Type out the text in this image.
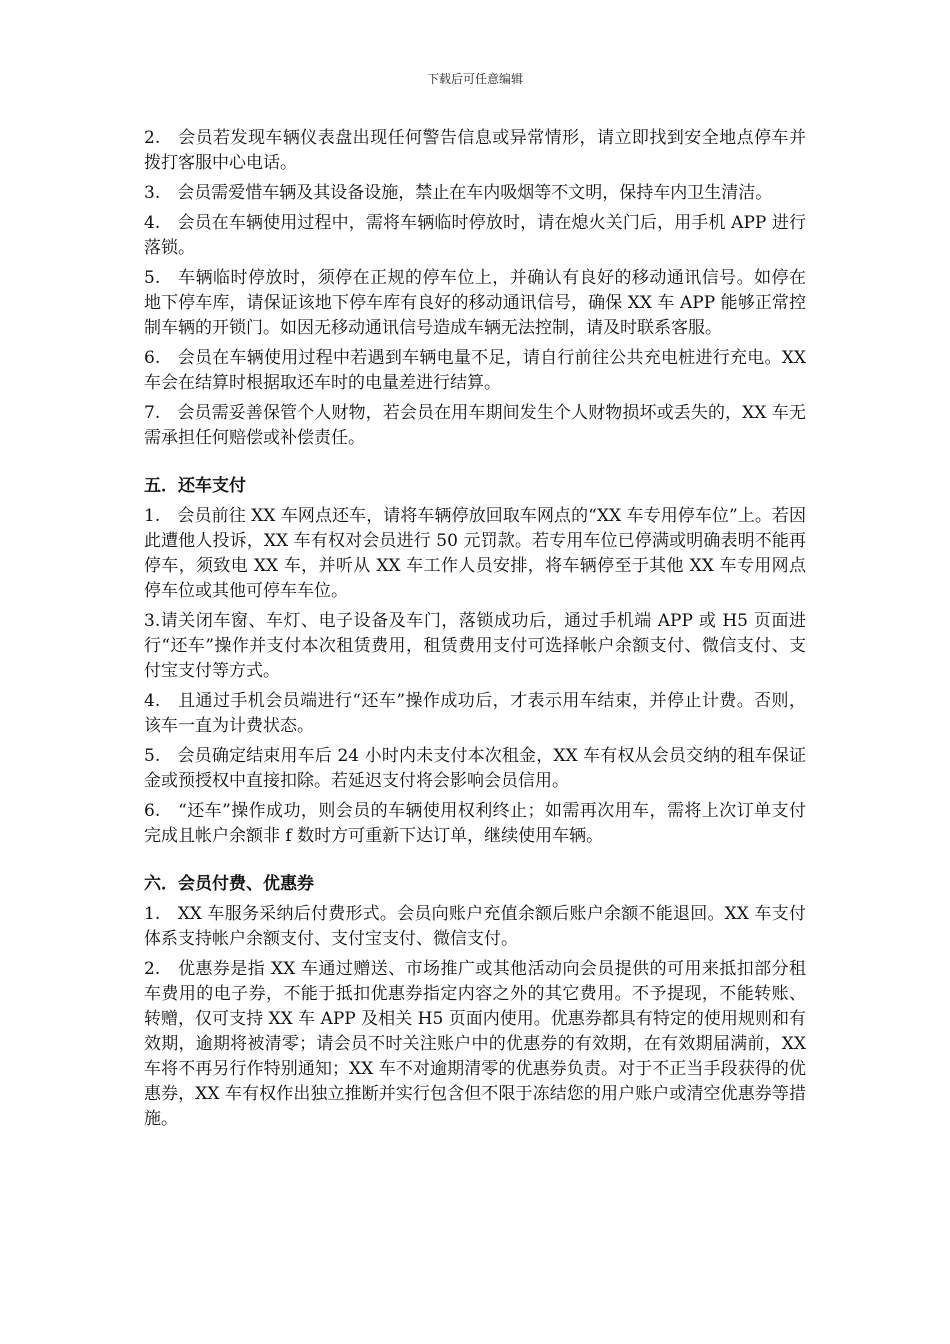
下载后可任意编辑

2.　会员若发现车辆仪表盘出现任何警告信息或异常情形，请立即找到安全地点停车并拨打客服中心电话。

3.　会员需爱惜车辆及其设备设施，禁止在车内吸烟等不文明，保持车内卫生清洁。

4.　会员在车辆使用过程中，需将车辆临时停放时，请在熄火关门后，用手机 APP 进行落锁。

5.　车辆临时停放时，须停在正规的停车位上，并确认有良好的移动通讯信号。如停在地下停车库，请保证该地下停车库有良好的移动通讯信号，确保 XX 车 APP 能够正常控制车辆的开锁门。如因无移动通讯信号造成车辆无法控制，请及时联系客服。

6.　会员在车辆使用过程中若遇到车辆电量不足，请自行前往公共充电桩进行充电。XX 车会在结算时根据取还车时的电量差进行结算。

7.　会员需妥善保管个人财物，若会员在用车期间发生个人财物损坏或丢失的，XX 车无需承担任何赔偿或补偿责任。

五．还车支付

1.　会员前往 XX 车网点还车，请将车辆停放回取车网点的“XX 车专用停车位”上。若因此遭他人投诉，XX 车有权对会员进行 50 元罚款。若专用车位已停满或明确表明不能再停车，须致电 XX 车，并听从 XX 车工作人员安排，将车辆停至于其他 XX 车专用网点停车位或其他可停车车位。

3.请关闭车窗、车灯、电子设备及车门，落锁成功后，通过手机端 APP 或 H5 页面进行“还车”操作并支付本次租赁费用，租赁费用支付可选择帐户余额支付、微信支付、支付宝支付等方式。

4.　且通过手机会员端进行“还车”操作成功后，才表示用车结束，并停止计费。否则，该车一直为计费状态。

5.　会员确定结束用车后 24 小时内未支付本次租金，XX 车有权从会员交纳的租车保证金或预授权中直接扣除。若延迟支付将会影响会员信用。

6.　“还车”操作成功，则会员的车辆使用权利终止；如需再次用车，需将上次订单支付完成且帐户余额非 f 数时方可重新下达订单，继续使用车辆。

六．会员付费、优惠券

1.　XX 车服务采纳后付费形式。会员向账户充值余额后账户余额不能退回。XX 车支付体系支持帐户余额支付、支付宝支付、微信支付。

2.　优惠券是指 XX 车通过赠送、市场推广或其他活动向会员提供的可用来抵扣部分租车费用的电子券，不能于抵扣优惠券指定内容之外的其它费用。不予提现，不能转账、转赠，仅可支持 XX 车 APP 及相关 H5 页面内使用。优惠券都具有特定的使用规则和有效期，逾期将被清零；请会员不时关注账户中的优惠券的有效期，在有效期届满前，XX 车将不再另行作特别通知；XX 车不对逾期清零的优惠券负责。对于不正当手段获得的优惠券，XX 车有权作出独立推断并实行包含但不限于冻结您的用户账户或清空优惠券等措施。
